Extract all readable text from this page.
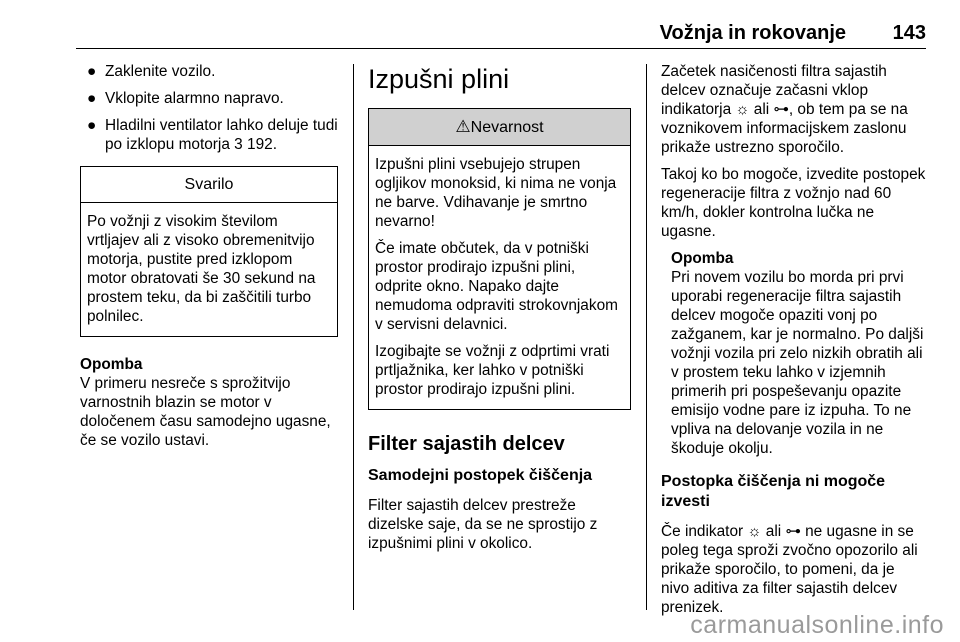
Vožnja in rokovanje 143
● Zaklenite vozilo.
● Vklopite alarmno napravo.
● Hladilni ventilator lahko deluje tudi po izklopu motorja 3 192.
Svarilo

Po vožnji z visokim številom vrtljajev ali z visoko obremenitvijo motorja, pustite pred izklopom motor obratovati še 30 sekund na prostem teku, da bi zaščitili turbo polnilec.

Opomba
V primeru nesreče s sprožitvijo varnostnih blazin se motor v določenem času samodejno ugasne, če se vozilo ustavi.
Izpušni plini
⚠Nevarnost

Izpušni plini vsebujejo strupen ogljikov monoksid, ki nima ne vonja ne barve. Vdihavanje je smrtno nevarno!

Če imate občutek, da v potniški prostor prodirajo izpušni plini, odprite okno. Napako dajte nemudoma odpraviti strokovnjakom v servisni delavnici.

Izogibajte se vožnji z odprtimi vrati prtljažnika, ker lahko v potniški prostor prodirajo izpušni plini.

Filter sajastih delcev
Samodejni postopek čiščenja

Filter sajastih delcev prestreže dizelske saje, da se ne sprostijo z izpušnimi plini v okolico.

Začetek nasičenosti filtra sajastih delcev označuje začasni vklop indikatorja ☼ ali ⊶, ob tem pa se na voznikovem informacijskem zaslonu prikaže ustrezno sporočilo.

Takoj ko bo mogoče, izvedite postopek regeneracije filtra z vožnjo nad 60 km/h, dokler kontrolna lučka ne ugasne.

Opomba
Pri novem vozilu bo morda pri prvi uporabi regeneracije filtra sajastih delcev mogoče opaziti vonj po zažganem, kar je normalno. Po daljši vožnji vozila pri zelo nizkih obratih ali v prostem teku lahko v izjemnih primerih pri pospeševanju opazite emisijo vodne pare iz izpuha. To ne vpliva na delovanje vozila in ne škoduje okolju.
Postopka čiščenja ni mogoče izvesti

Če indikator ☼ ali ⊶ ne ugasne in se poleg tega sproži zvočno opozorilo ali prikaže sporočilo, to pomeni, da je nivo aditiva za filter sajastih delcev prenizek.

carmanualsonline.info
